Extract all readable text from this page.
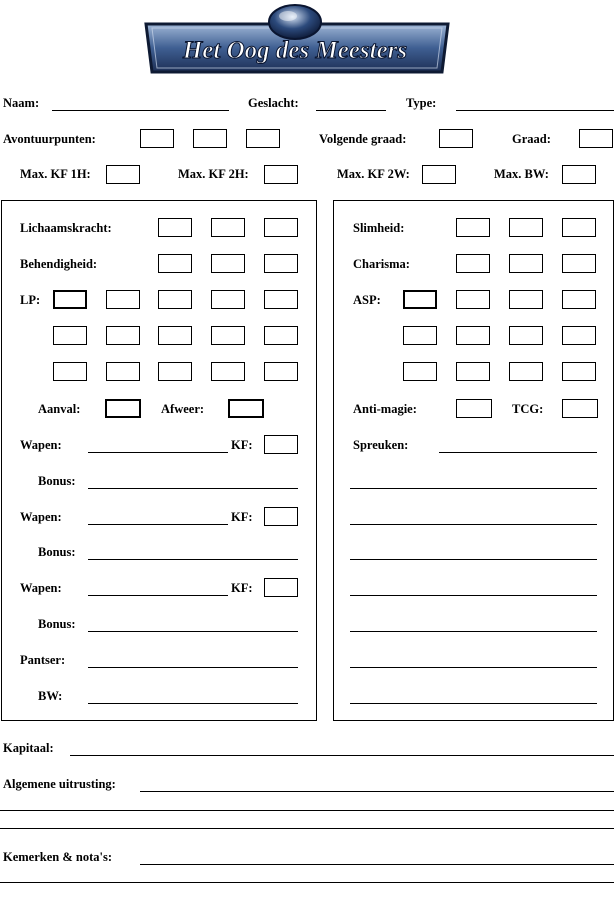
Het Oog des Meesters
Naam:	Geslacht:	Type:
Avontuurpunten:	Volgende graad:	Graad:
Max. KF 1H:	Max. KF 2H:	Max. KF 2W:	Max. BW:
Lichaamskracht:
Behendigheid:
LP:
Aanval:	Afweer:
Wapen:	KF:
Bonus:
Wapen:	KF:
Bonus:
Wapen:	KF:
Bonus:
Pantser:
BW:
Slimheid:
Charisma:
ASP:
Anti-magie:	TCG:
Spreuken:
Kapitaal:
Algemene uitrusting:
Kemerken & nota's:
